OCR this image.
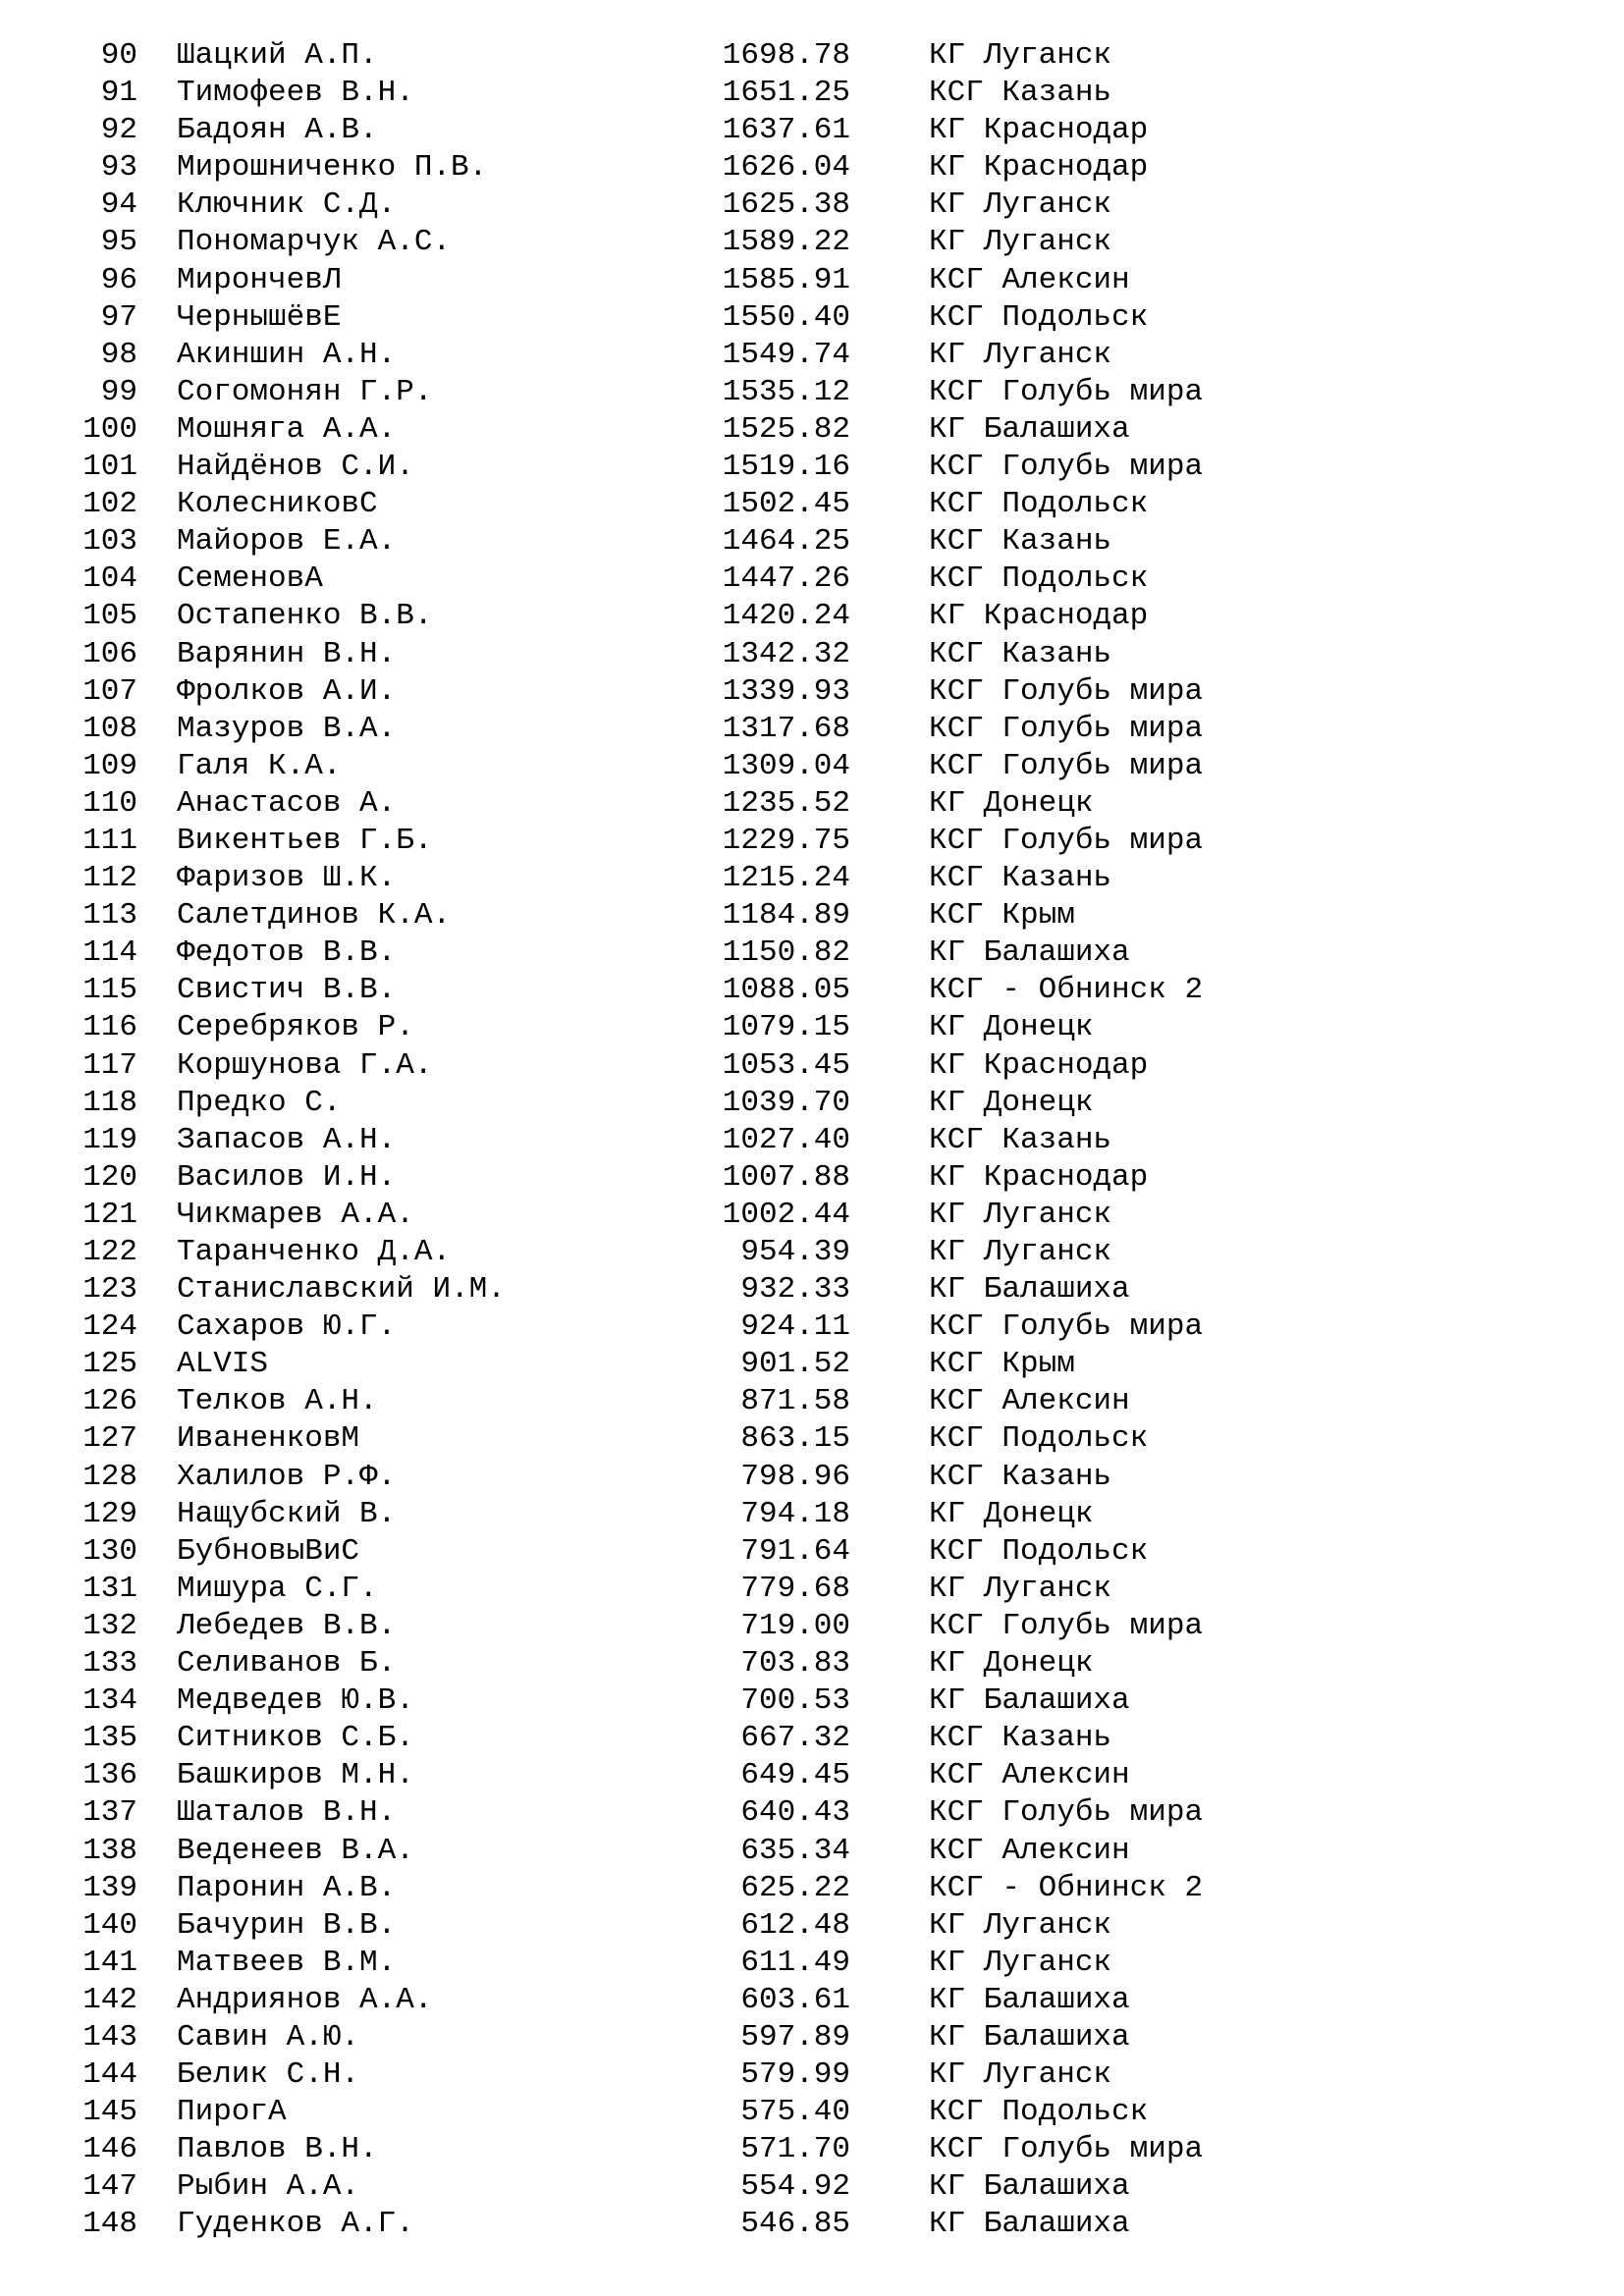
90 Шацкий А.П.	1698.78	КГ Луганск
91 Тимофеев В.Н.	1651.25	КСГ Казань
92 Бадоян А.В.	1637.61	КГ Краснодар
93 Мирошниченко П.В.	1626.04	КГ Краснодар
94 Ключник С.Д.	1625.38	КГ Луганск
95 Пономарчук А.С.	1589.22	КГ Луганск
96 МирончевЛ	1585.91	КСГ Алексин
97 ЧернышёвЕ	1550.40	КСГ Подольск
98 Акиншин А.Н.	1549.74	КГ Луганск
99 Согомонян Г.Р.	1535.12	КСГ Голубь мира
100 Мошняга А.А.	1525.82	КГ Балашиха
101 Найдёнов С.И.	1519.16	КСГ Голубь мира
102 КолесниковС	1502.45	КСГ Подольск
103 Майоров Е.А.	1464.25	КСГ Казань
104 СеменовА	1447.26	КСГ Подольск
105 Остапенко В.В.	1420.24	КГ Краснодар
106 Варянин В.Н.	1342.32	КСГ Казань
107 Фролков А.И.	1339.93	КСГ Голубь мира
108 Мазуров В.А.	1317.68	КСГ Голубь мира
109 Галя К.А.	1309.04	КСГ Голубь мира
110 Анастасов А.	1235.52	КГ Донецк
111 Викентьев Г.Б.	1229.75	КСГ Голубь мира
112 Фаризов Ш.К.	1215.24	КСГ Казань
113 Салетдинов К.А.	1184.89	КСГ Крым
114 Федотов В.В.	1150.82	КГ Балашиха
115 Свистич В.В.	1088.05	КСГ - Обнинск 2
116 Серебряков Р.	1079.15	КГ Донецк
117 Коршунова Г.А.	1053.45	КГ Краснодар
118 Предко С.	1039.70	КГ Донецк
119 Запасов А.Н.	1027.40	КСГ Казань
120 Василов И.Н.	1007.88	КГ Краснодар
121 Чикмарев А.А.	1002.44	КГ Луганск
122 Таранченко Д.А.	954.39	КГ Луганск
123 Станиславский И.М.	932.33	КГ Балашиха
124 Сахаров Ю.Г.	924.11	КСГ Голубь мира
125 ALVIS	901.52	КСГ Крым
126 Телков А.Н.	871.58	КСГ Алексин
127 ИваненковМ	863.15	КСГ Подольск
128 Халилов Р.Ф.	798.96	КСГ Казань
129 Нащубский В.	794.18	КГ Донецк
130 БубновыВиС	791.64	КСГ Подольск
131 Мишура С.Г.	779.68	КГ Луганск
132 Лебедев В.В.	719.00	КСГ Голубь мира
133 Селиванов Б.	703.83	КГ Донецк
134 Медведев Ю.В.	700.53	КГ Балашиха
135 Ситников С.Б.	667.32	КСГ Казань
136 Башкиров М.Н.	649.45	КСГ Алексин
137 Шаталов В.Н.	640.43	КСГ Голубь мира
138 Веденеев В.А.	635.34	КСГ Алексин
139 Паронин А.В.	625.22	КСГ - Обнинск 2
140 Бачурин В.В.	612.48	КГ Луганск
141 Матвеев В.М.	611.49	КГ Луганск
142 Андриянов А.А.	603.61	КГ Балашиха
143 Савин А.Ю.	597.89	КГ Балашиха
144 Белик С.Н.	579.99	КГ Луганск
145 ПирогА	575.40	КСГ Подольск
146 Павлов В.Н.	571.70	КСГ Голубь мира
147 Рыбин А.А.	554.92	КГ Балашиха
148 Гуденков А.Г.	546.85	КГ Балашиха
